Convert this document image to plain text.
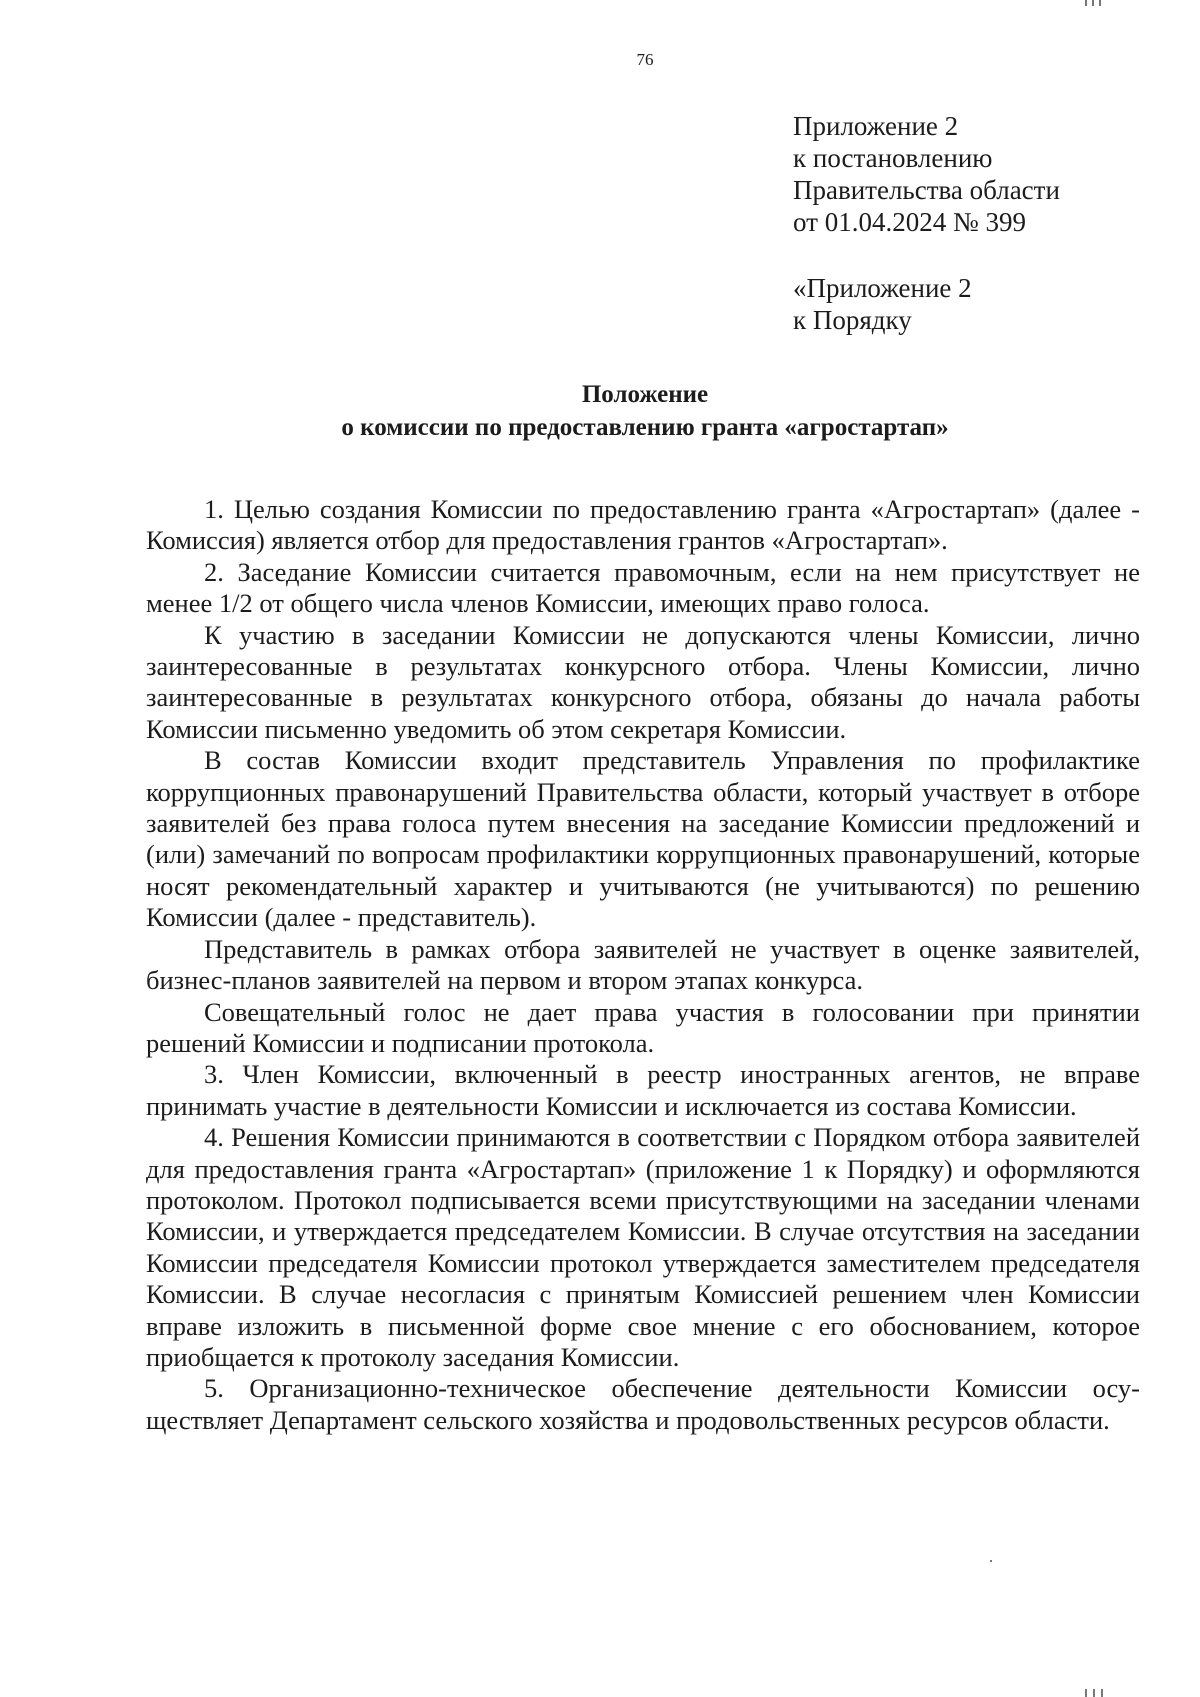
76
Приложение 2
к постановлению
Правительства области
от 01.04.2024 № 399
«Приложение 2
к Порядку
Положение
о комиссии по предоставлению гранта «агростартап»

1. Целью создания Комиссии по предоставлению гранта «Агростартап» (далее - Комиссия) является отбор для предоставления грантов «Агростартап».

2. Заседание Комиссии считается правомочным, если на нем присутствует не менее 1/2 от общего числа членов Комиссии, имеющих право голоса.

К участию в заседании Комиссии не допускаются члены Комиссии, лично заинтересованные в результатах конкурсного отбора. Члены Комиссии, лично заинтересованные в результатах конкурсного отбора, обязаны до начала работы Комиссии письменно уведомить об этом секретаря Комиссии.

В состав Комиссии входит представитель Управления по профилактике коррупционных правонарушений Правительства области, который участвует в отборе заявителей без права голоса путем внесения на заседание Комиссии предложений и (или) замечаний по вопросам профилактики коррупционных правонарушений, которые носят рекомендательный характер и учитываются (не учитываются) по решению Комиссии (далее - представитель).

Представитель в рамках отбора заявителей не участвует в оценке заявителей, бизнес-планов заявителей на первом и втором этапах конкурса.

Совещательный голос не дает права участия в голосовании при принятии решений Комиссии и подписании протокола.

3. Член Комиссии, включенный в реестр иностранных агентов, не вправе принимать участие в деятельности Комиссии и исключается из состава Комиссии.

4. Решения Комиссии принимаются в соответствии с Порядком отбора заявителей для предоставления гранта «Агростартап» (приложение 1 к Порядку) и оформляются протоколом. Протокол подписывается всеми присутствующими на заседании членами Комиссии, и утверждается председателем Комиссии. В случае отсутствия на заседании Комиссии председателя Комиссии протокол утверждается заместителем председателя Комиссии. В случае несогласия с принятым Комиссией решением член Комиссии вправе изложить в письменной форме свое мнение с его обоснованием, которое приобщается к протоколу заседания Комиссии.

5. Организационно-техническое обеспечение деятельности Комиссии осуществляет Департамент сельского хозяйства и продовольственных ресурсов области.
